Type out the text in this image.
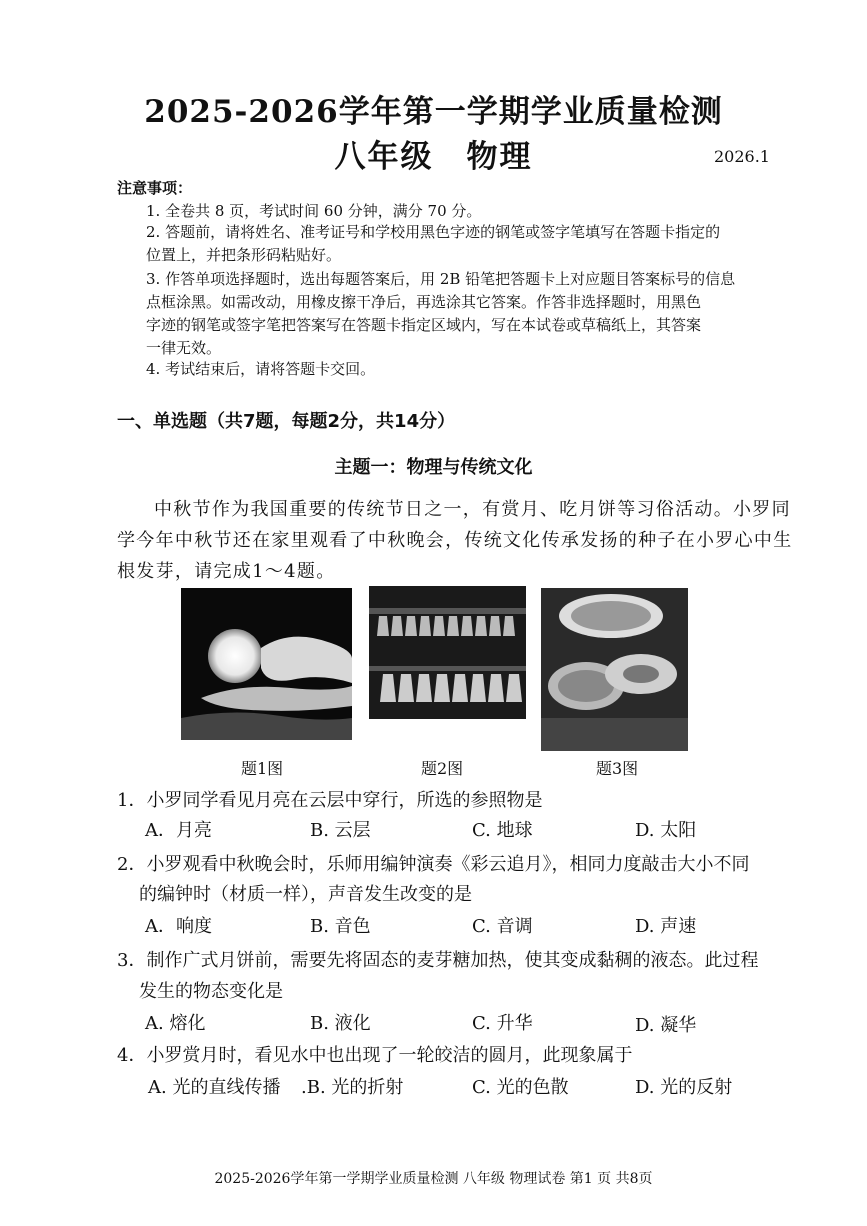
2025-2026学年第一学期学业质量检测
八年级　物理	2026.1
注意事项：
1. 全卷共 8 页，考试时间 60 分钟，满分 70 分。
2. 答题前，请将姓名、准考证号和学校用黑色字迹的钢笔或签字笔填写在答题卡指定的
位置上，并把条形码粘贴好。
3. 作答单项选择题时，选出每题答案后，用 2B 铅笔把答题卡上对应题目答案标号的信息
点框涂黑。如需改动，用橡皮擦干净后，再选涂其它答案。作答非选择题时，用黑色
字迹的钢笔或签字笔把答案写在答题卡指定区域内，写在本试卷或草稿纸上，其答案
一律无效。
4. 考试结束后，请将答题卡交回。
一、单选题（共7题，每题2分，共14分）
主题一：物理与传统文化
中秋节作为我国重要的传统节日之一，有赏月、吃月饼等习俗活动。小罗同
学今年中秋节还在家里观看了中秋晚会，传统文化传承发扬的种子在小罗心中生
根发芽，请完成1～4题。
题1图	题2图	题3图
1．小罗同学看见月亮在云层中穿行，所选的参照物是
A．月亮	B. 云层	C. 地球	D. 太阳
2．小罗观看中秋晚会时，乐师用编钟演奏《彩云追月》，相同力度敲击大小不同
的编钟时（材质一样），声音发生改变的是
A．响度	B. 音色	C. 音调	D. 声速
3．制作广式月饼前，需要先将固态的麦芽糖加热，使其变成黏稠的液态。此过程
发生的物态变化是
A. 熔化	B. 液化	C. 升华	D. 凝华
4．小罗赏月时，看见水中也出现了一轮皎洁的圆月，此现象属于
A. 光的直线传播 .B. 光的折射	C. 光的色散	D. 光的反射
2025-2026学年第一学期学业质量检测 八年级 物理试卷 第1 页 共8页
